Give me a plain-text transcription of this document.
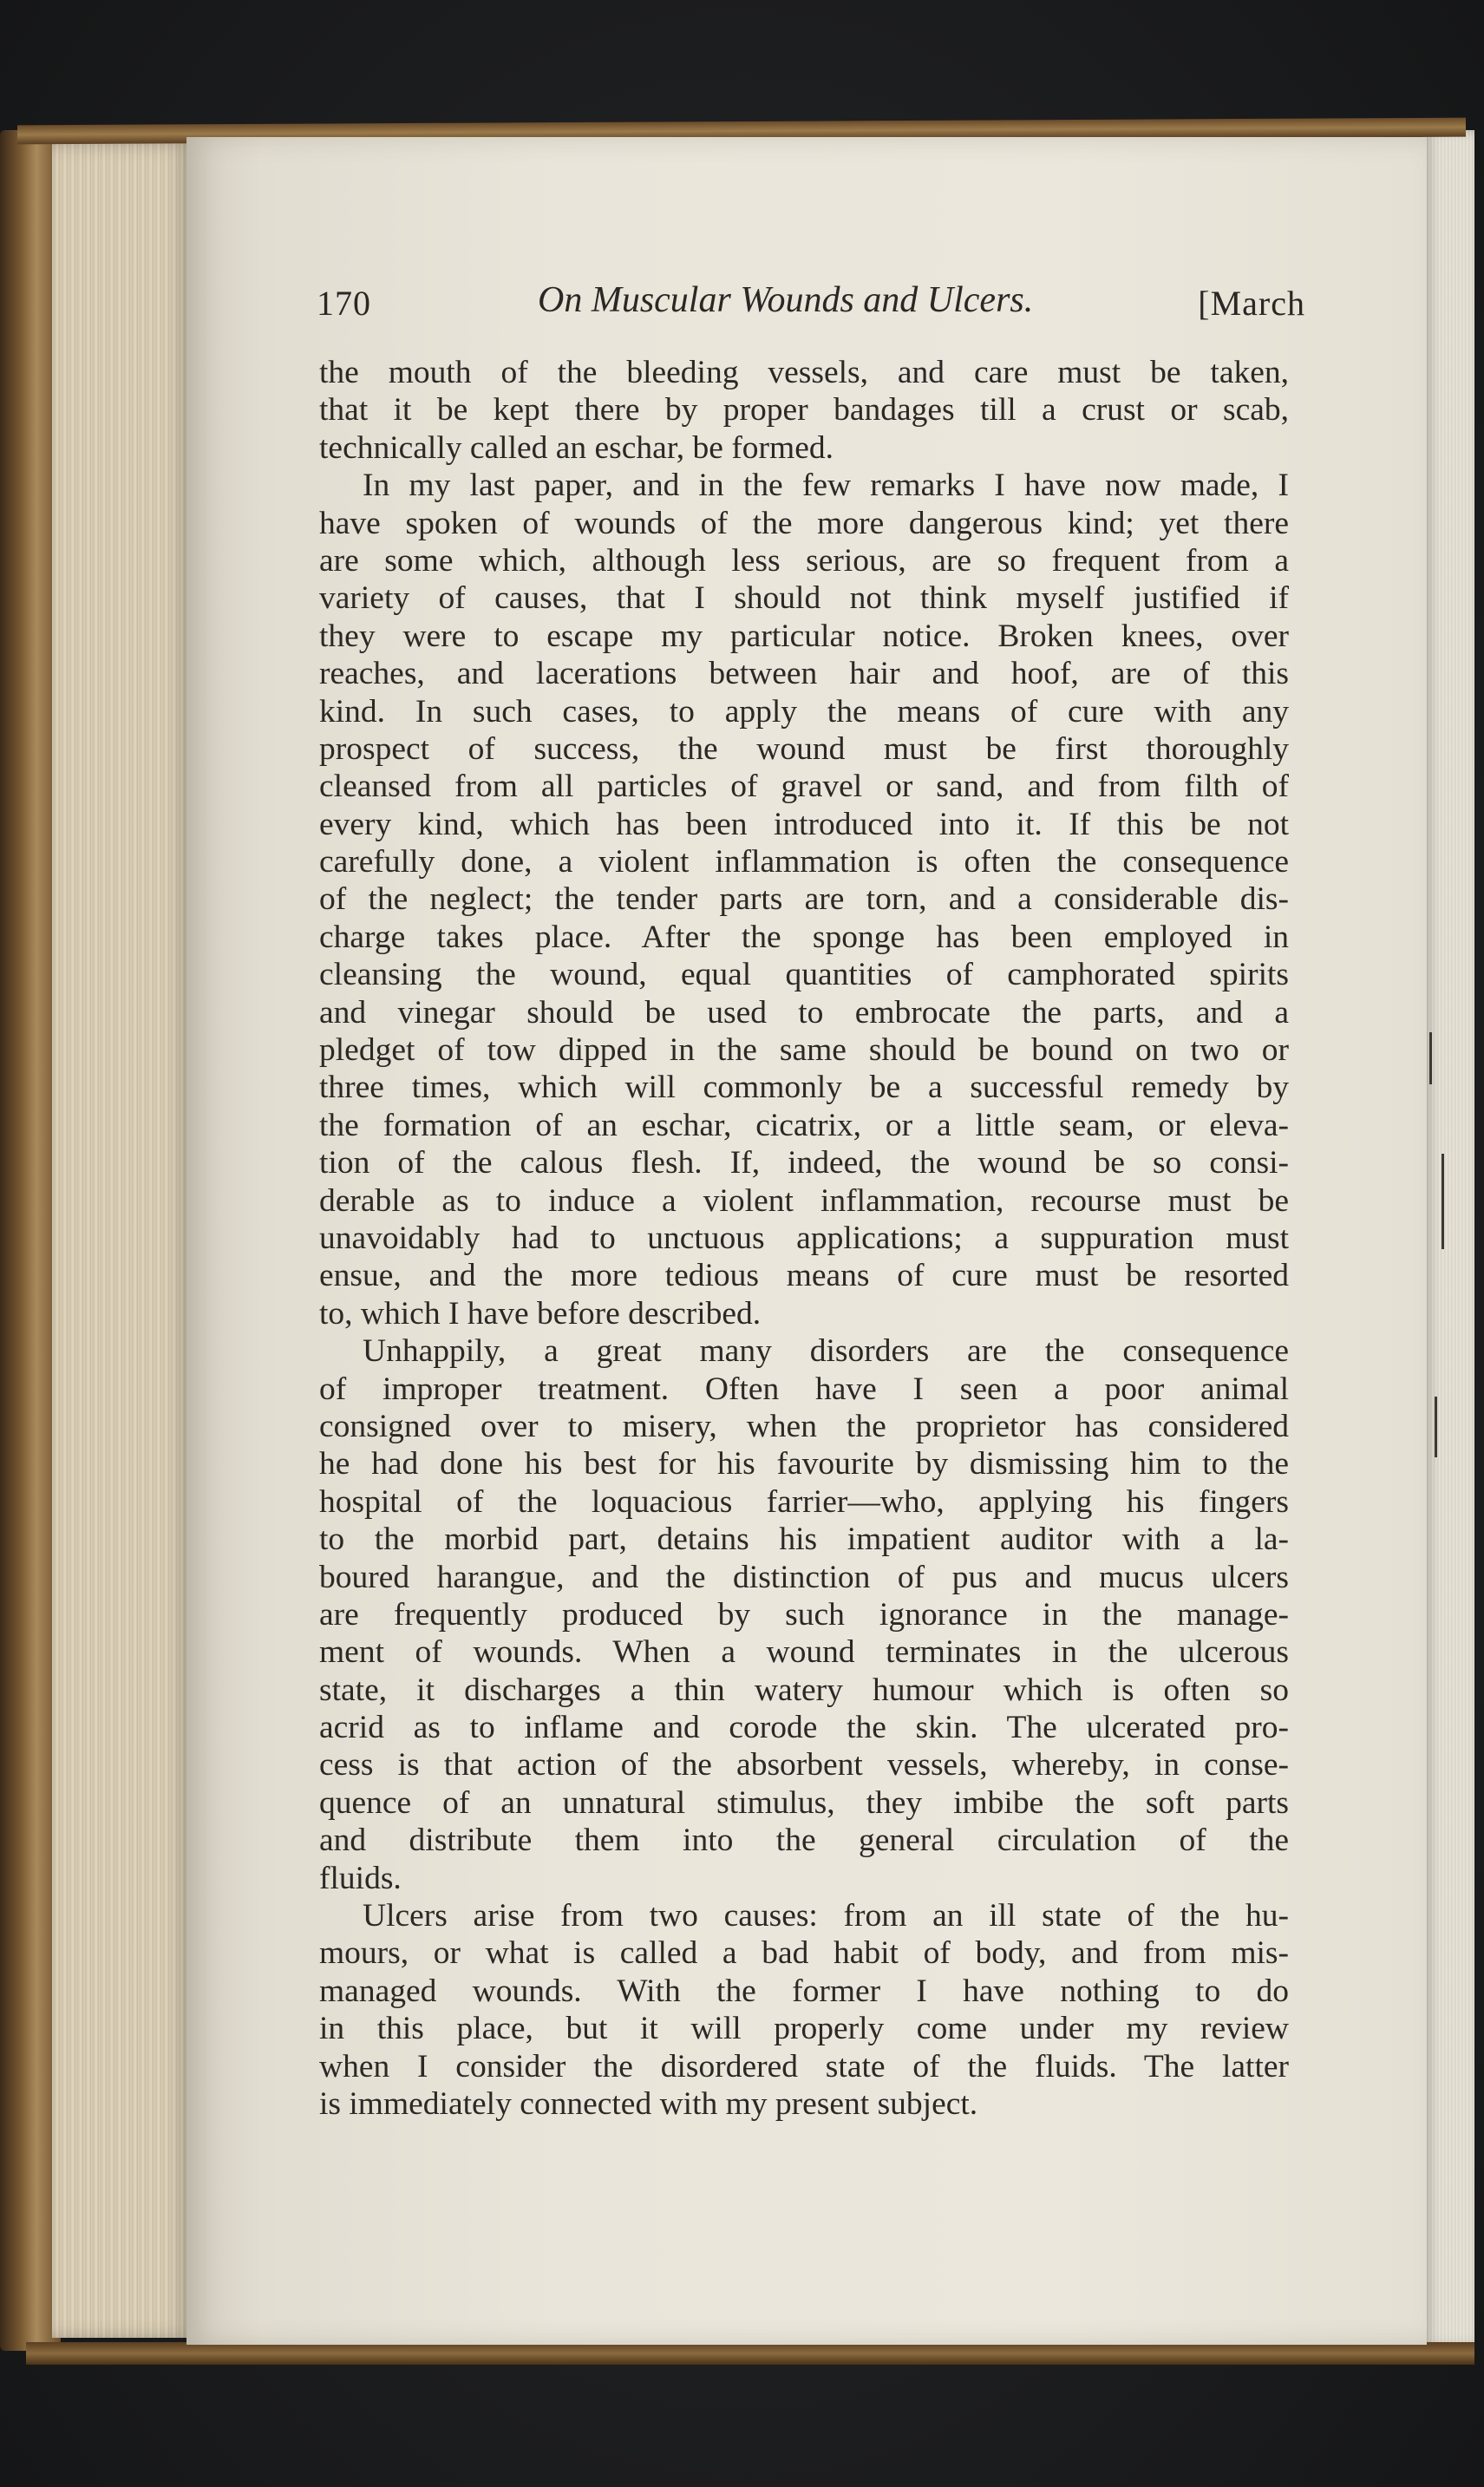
170	On Muscular Wounds and Ulcers.	[March
the mouth of the bleeding vessels, and care must be taken,
that it be kept there by proper bandages till a crust or scab,
technically called an eschar, be formed.
In my last paper, and in the few remarks I have now made, I
have spoken of wounds of the more dangerous kind; yet there
are some which, although less serious, are so frequent from a
variety of causes, that I should not think myself justified if
they were to escape my particular notice. Broken knees, over
reaches, and lacerations between hair and hoof, are of this
kind. In such cases, to apply the means of cure with any
prospect of success, the wound must be first thoroughly
cleansed from all particles of gravel or sand, and from filth of
every kind, which has been introduced into it. If this be not
carefully done, a violent inflammation is often the consequence
of the neglect; the tender parts are torn, and a considerable dis-
charge takes place. After the sponge has been employed in
cleansing the wound, equal quantities of camphorated spirits
and vinegar should be used to embrocate the parts, and a
pledget of tow dipped in the same should be bound on two or
three times, which will commonly be a successful remedy by
the formation of an eschar, cicatrix, or a little seam, or eleva-
tion of the calous flesh. If, indeed, the wound be so consi-
derable as to induce a violent inflammation, recourse must be
unavoidably had to unctuous applications; a suppuration must
ensue, and the more tedious means of cure must be resorted
to, which I have before described.
Unhappily, a great many disorders are the consequence
of improper treatment. Often have I seen a poor animal
consigned over to misery, when the proprietor has considered
he had done his best for his favourite by dismissing him to the
hospital of the loquacious farrier—who, applying his fingers
to the morbid part, detains his impatient auditor with a la-
boured harangue, and the distinction of pus and mucus ulcers
are frequently produced by such ignorance in the manage-
ment of wounds. When a wound terminates in the ulcerous
state, it discharges a thin watery humour which is often so
acrid as to inflame and corode the skin. The ulcerated pro-
cess is that action of the absorbent vessels, whereby, in conse-
quence of an unnatural stimulus, they imbibe the soft parts
and distribute them into the general circulation of the
fluids.
Ulcers arise from two causes: from an ill state of the hu-
mours, or what is called a bad habit of body, and from mis-
managed wounds. With the former I have nothing to do
in this place, but it will properly come under my review
when I consider the disordered state of the fluids. The latter
is immediately connected with my present subject.
